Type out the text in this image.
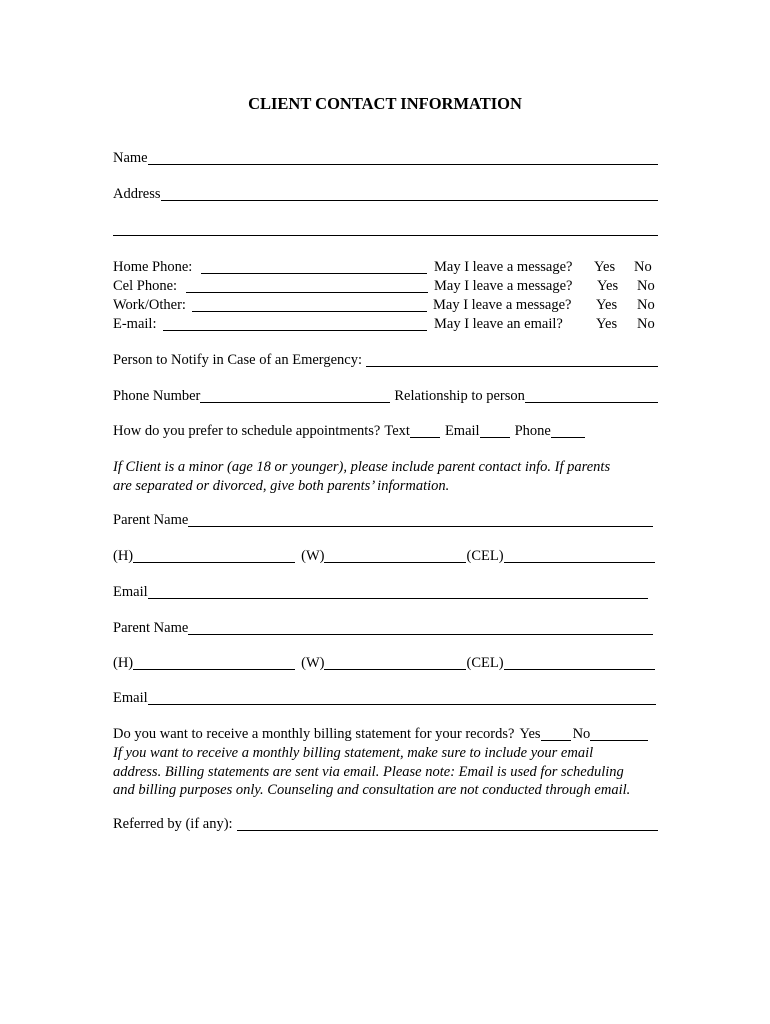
CLIENT CONTACT INFORMATION
Name
Address
Home Phone:	May I leave a message? Yes No
Cel Phone:	May I leave a message? Yes No
Work/Other:	May I leave a message? Yes No
E-mail:	May I leave an email? Yes No
Person to Notify in Case of an Emergency:
Phone Number	Relationship to person
How do you prefer to schedule appointments? Text Email Phone
If Client is a minor (age 18 or younger), please include parent contact info. If parents
are separated or divorced, give both parents’ information.
Parent Name
(H)	(W)	(CEL)
Email
Parent Name
(H)	(W)	(CEL)
Email
Do you want to receive a monthly billing statement for your records? Yes No
If you want to receive a monthly billing statement, make sure to include your email
address. Billing statements are sent via email. Please note: Email is used for scheduling
and billing purposes only. Counseling and consultation are not conducted through email.
Referred by (if any):
